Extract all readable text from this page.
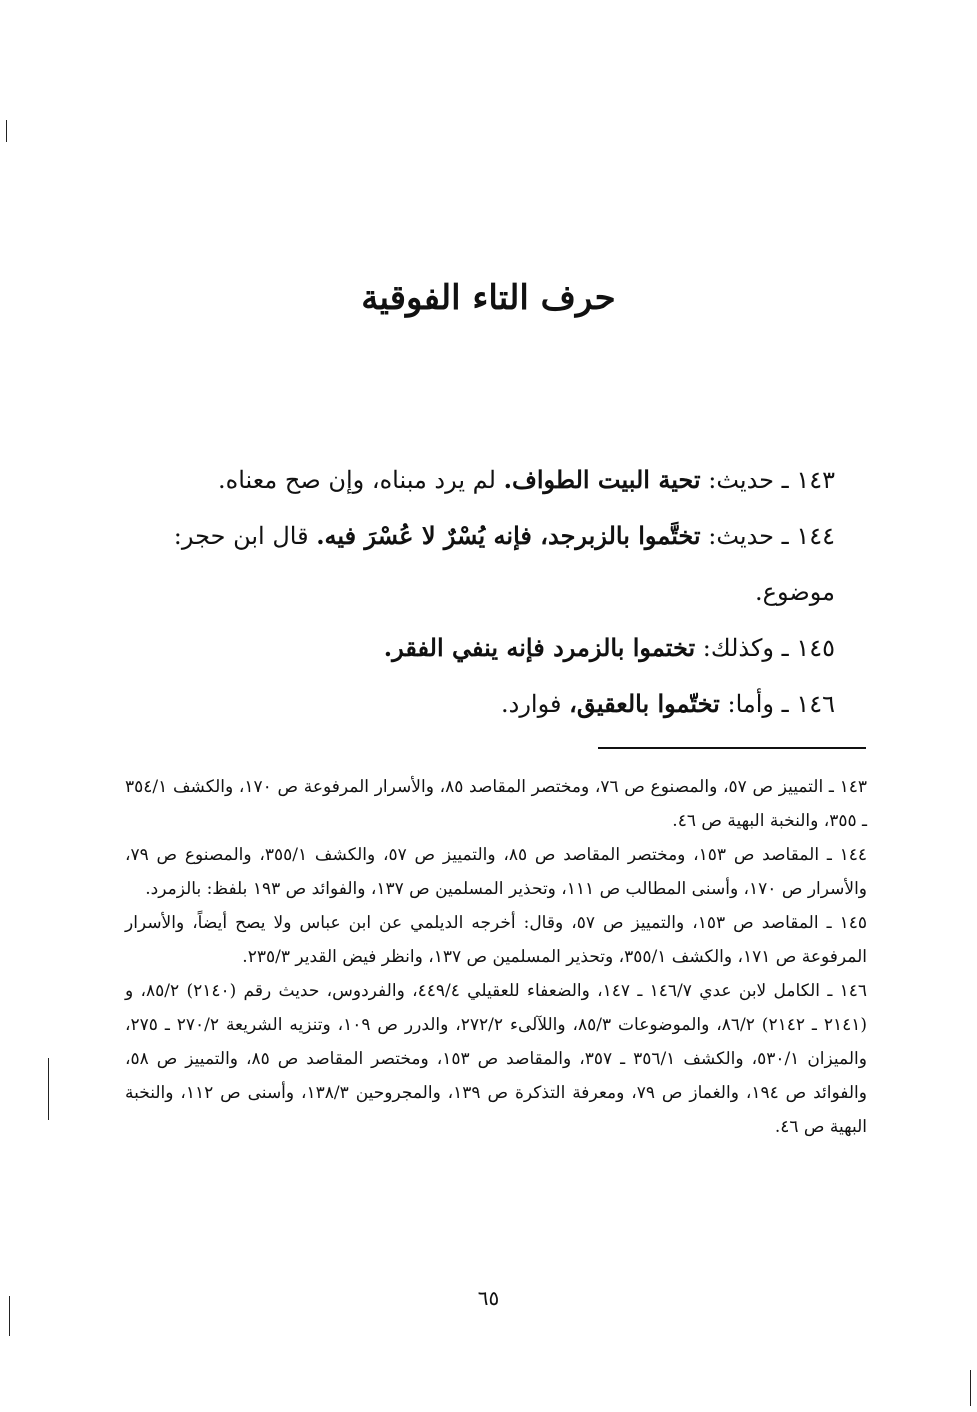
حرف التاء الفوقية

١٤٣ ـ حديث: تحية البيت الطواف. لم يرد مبناه، وإن صح معناه.

١٤٤ ـ حديث: تختَّموا بالزبرجد، فإنه يُسْرٌ لا عُسْرَ فيه. قال ابن حجر: موضوع.

١٤٥ ـ وكذلك: تختموا بالزمرد فإنه ينفي الفقر.

١٤٦ ـ وأما: تختّموا بالعقيق، فوارد.

١٤٣ ـ التمييز ص ٥٧، والمصنوع ص ٧٦، ومختصر المقاصد ٨٥، والأسرار المرفوعة ص ١٧٠، والكشف ٣٥٤/١ ـ ٣٥٥، والنخبة البهية ص ٤٦.

١٤٤ ـ المقاصد ص ١٥٣، ومختصر المقاصد ص ٨٥، والتمييز ص ٥٧، والكشف ٣٥٥/١، والمصنوع ص ٧٩، والأسرار ص ١٧٠، وأسنى المطالب ص ١١١، وتحذير المسلمين ص ١٣٧، والفوائد ص ١٩٣ بلفظ: بالزمرد.

١٤٥ ـ المقاصد ص ١٥٣، والتمييز ص ٥٧، وقال: أخرجه الديلمي عن ابن عباس ولا يصح أيضاً، والأسرار المرفوعة ص ١٧١، والكشف ٣٥٥/١، وتحذير المسلمين ص ١٣٧، وانظر فيض القدير ٢٣٥/٣.

١٤٦ ـ الكامل لابن عدي ١٤٦/٧ ـ ١٤٧، والضعفاء للعقيلي ٤٤٩/٤، والفردوس، حديث رقم (٢١٤٠) ٨٥/٢، و (٢١٤١ ـ ٢١٤٢) ٨٦/٢، والموضوعات ٨٥/٣، واللآلىء ٢٧٢/٢، والدرر ص ١٠٩، وتنزيه الشريعة ٢٧٠/٢ ـ ٢٧٥، والميزان ٥٣٠/١، والكشف ٣٥٦/١ ـ ٣٥٧، والمقاصد ص ١٥٣، ومختصر المقاصد ص ٨٥، والتمييز ص ٥٨، والفوائد ص ١٩٤، والغماز ص ٧٩، ومعرفة التذكرة ص ١٣٩، والمجروحين ١٣٨/٣، وأسنى ص ١١٢، والنخبة البهية ص ٤٦.

٦٥
